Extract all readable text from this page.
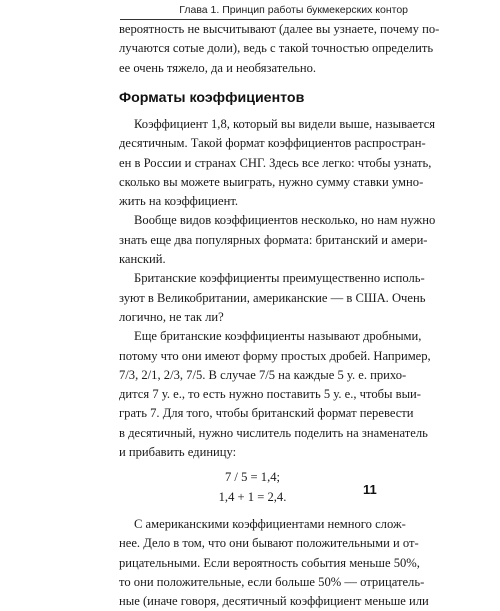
Глава 1. Принцип работы букмекерских контор
вероятность не высчитывают (далее вы узнаете, почему по-
лучаются сотые доли), ведь с такой точностью определить
ее очень тяжело, да и необязательно.
Форматы коэффициентов
Коэффициент 1,8, который вы видели выше, называется
десятичным. Такой формат коэффициентов распростран-
ен в России и странах СНГ. Здесь все легко: чтобы узнать,
сколько вы можете выиграть, нужно сумму ставки умно-
жить на коэффициент.
Вообще видов коэффициентов несколько, но нам нужно
знать еще два популярных формата: британский и амери-
канский.
Британские коэффициенты преимущественно исполь-
зуют в Великобритании, американские — в США. Очень
логично, не так ли?
Еще британские коэффициенты называют дробными,
потому что они имеют форму простых дробей. Например,
7/3, 2/1, 2/3, 7/5. В случае 7/5 на каждые 5 у. е. прихо-
дится 7 у. е., то есть нужно поставить 5 у. е., чтобы выи-
грать 7. Для того, чтобы британский формат перевести
в десятичный, нужно числитель поделить на знаменатель
и прибавить единицу:
7 / 5 = 1,4;
1,4 + 1 = 2,4.
С американскими коэффициентами немного слож-
нее. Дело в том, что они бывают положительными и от-
рицательными. Если вероятность события меньше 50%,
то они положительные, если больше 50% — отрицатель-
ные (иначе говоря, десятичный коэффициент меньше или
11
